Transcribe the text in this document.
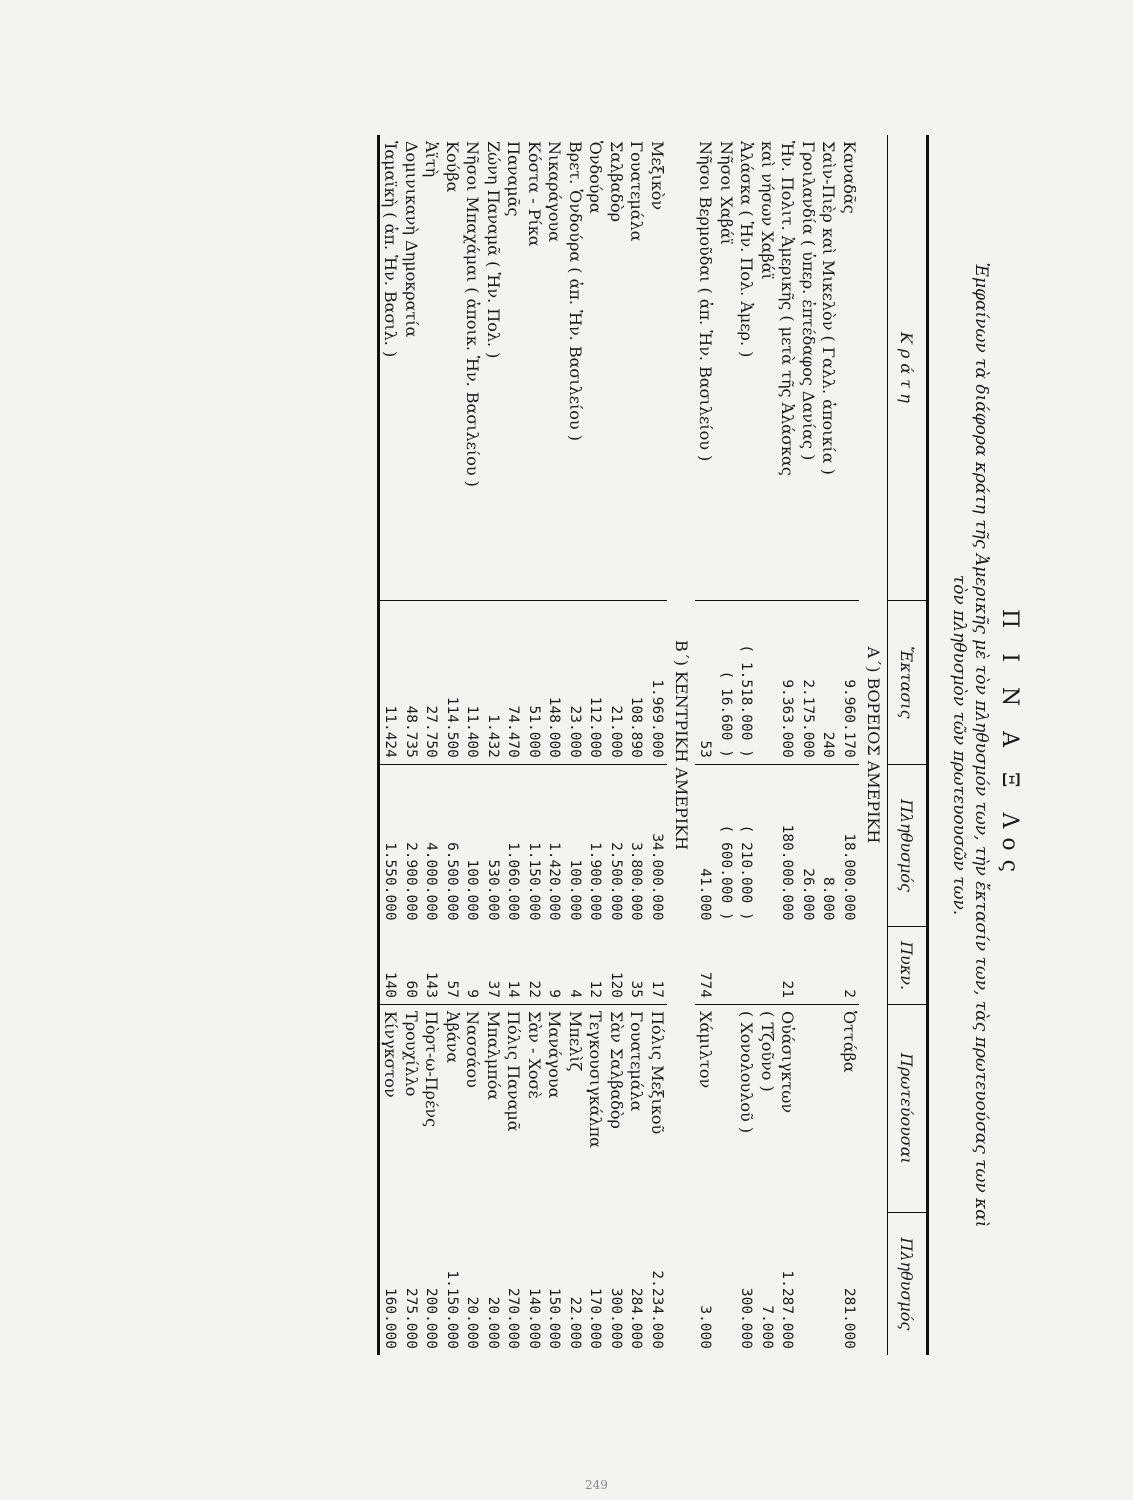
Π Ι Ν Α Ξ Λος
Ἐμφαίνων τὰ διάφορα κράτη τῆς Ἀμερικῆς μὲ τὸν πληθυσμόν των, τὴν ἔκτασίν των, τὰς πρωτευούσας των καὶ
τὸν πληθυσμὸν τῶν πρωτευουσῶν των.
Κ ρ ά τ η	Ἔκτασις	Πληθυσμός	Πυκν.	Πρωτεύουσαι	Πληθυσμός
Α΄) ΒΟΡΕΙΟΣ ΑΜΕΡΙΚΗ					
Καναδᾶς	9.960.170	18.000.000	2	Ὀττάβα	281.000
Σαὶν-Πιὲρ καὶ Μικελὸν ( Γαλλ. ἀποικία )	240	8.000			
Γροιλανδία ( ὑπερ. ἐπτέδαφος Δανίας )	2.175.000	26.000			
Ἡν. Πολιτ. Ἀμερικῆς ( μετὰ τῆς Ἀλάσκας	9.363.000	180.000.000	21	Οὐάσιγκτων	1.287.000
καὶ νήσων Χαβάϊ				( Τζοῦνο )	7.000
Ἀλάσκα ( Ἡν. Πολ. Ἀμερ. )	( 1.518.000 )	( 210.000 )		( Χονολουλοῦ )	300.000
Νῆσοι Χαβάϊ	( 16.600 )	( 600.000 )			
Νῆσοι Βερμοῦδαι ( ἀπ. Ἡν. Βασιλείου )	53	41.000	774	Χάμιλτον	3.000
Β΄) ΚΕΝΤΡΙΚΗ ΑΜΕΡΙΚΗ					
Μεξικὸν	1.969.000	34.000.000	17	Πόλις Μεξικοῦ	2.234.000
Γουατεμάλα	108.890	3.800.000	35	Γουατεμάλα	284.000
Σαλβαδὸρ	21.000	2.500.000	120	Σὰν Σαλβαδὸρ	300.000
Ὁνδούρα	112.000	1.900.000	12	Τεγκουσιγκάλπα	170.000
Βρετ. Ὁνδούρα ( ἀπ. Ἡν. Βασιλείου )	23.000	100.000	4	Μπελὶζ	22.000
Νικαράγουα	148.000	1.420.000	9	Μανάγουα	150.000
Κόστα - Ρίκα	51.000	1.150.000	22	Σὰν - Χοσὲ	140.000
Παναμᾶς	74.470	1.060.000	14	Πόλις Παναμᾶ	270.000
Ζώνη Παναμᾶ ( Ἡν. Πολ. )	1.432	530.000	37	Μπαλμπόα	20.000
Νῆσοι Μπαχάμαι ( ἀποικ. Ἡν. Βασιλείου )	11.400	100.000	9	Νασσάου	20.000
Κούβα	114.500	6.500.000	57	Ἀβάνα	1.150.000
Ἁϊτὴ	27.750	4.000.000	143	Πὸρτ-ω-Πρένς	200.000
Δομινικανὴ Δημοκρατία	48.735	2.900.000	60	Τρουχίλλο	275.000
Ἰαμαϊκὴ ( ἀπ. Ἡν. Βασιλ. )	11.424	1.550.000	140	Κίνγκστον	160.000
249
